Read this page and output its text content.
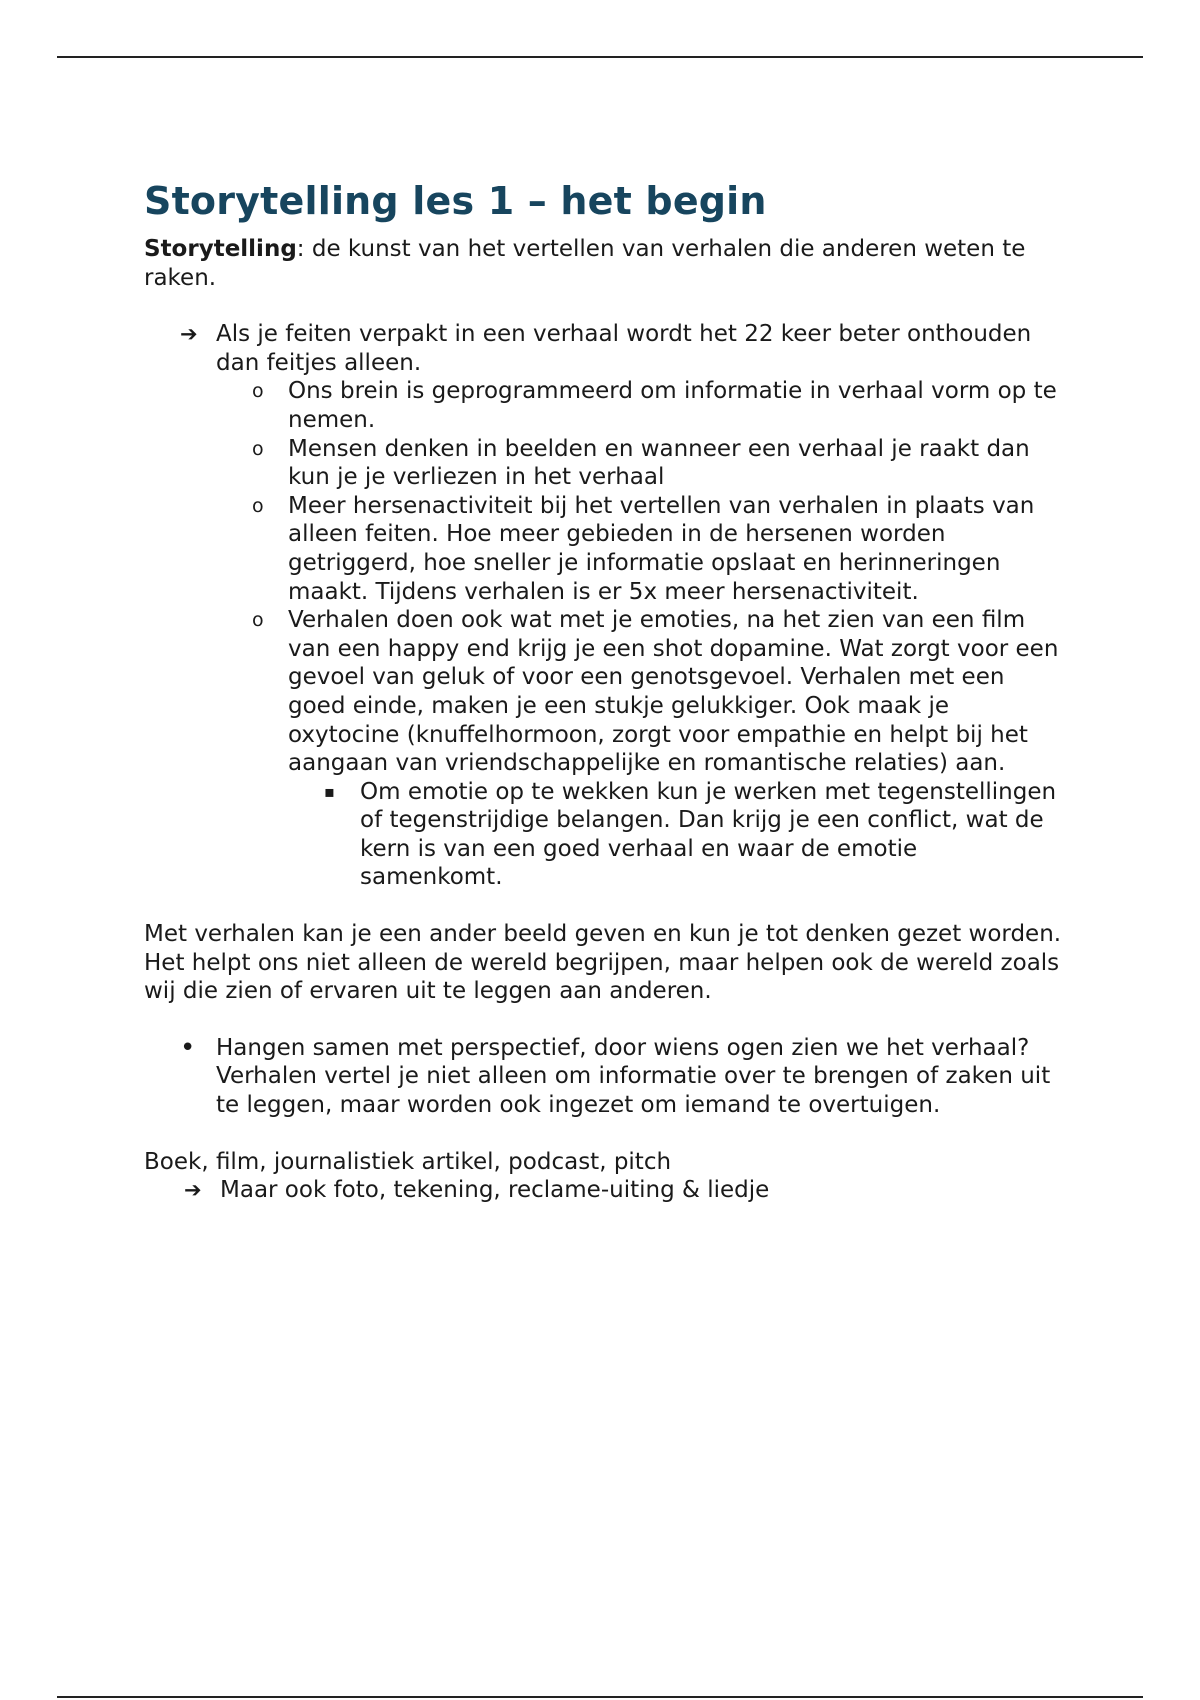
Storytelling les 1 – het begin

Storytelling: de kunst van het vertellen van verhalen die anderen weten te raken.

➔ Als je feiten verpakt in een verhaal wordt het 22 keer beter onthouden dan feitjes alleen.
o	Ons brein is geprogrammeerd om informatie in verhaal vorm op te nemen.
o	Mensen denken in beelden en wanneer een verhaal je raakt dan kun je je verliezen in het verhaal
o	Meer hersenactiviteit bij het vertellen van verhalen in plaats van alleen feiten. Hoe meer gebieden in de hersenen worden getriggerd, hoe sneller je informatie opslaat en herinneringen maakt. Tijdens verhalen is er 5x meer hersenactiviteit.
o	Verhalen doen ook wat met je emoties, na het zien van een film van een happy end krijg je een shot dopamine. Wat zorgt voor een gevoel van geluk of voor een genotsgevoel. Verhalen met een goed einde, maken je een stukje gelukkiger. Ook maak je oxytocine (knuffelhormoon, zorgt voor empathie en helpt bij het aangaan van vriendschappelijke en romantische relaties) aan.
▪	Om emotie op te wekken kun je werken met tegenstellingen of tegenstrijdige belangen. Dan krijg je een conflict, wat de kern is van een goed verhaal en waar de emotie samenkomt.

Met verhalen kan je een ander beeld geven en kun je tot denken gezet worden. Het helpt ons niet alleen de wereld begrijpen, maar helpen ook de wereld zoals wij die zien of ervaren uit te leggen aan anderen.

• Hangen samen met perspectief, door wiens ogen zien we het verhaal? Verhalen vertel je niet alleen om informatie over te brengen of zaken uit te leggen, maar worden ook ingezet om iemand te overtuigen.

Boek, film, journalistiek artikel, podcast, pitch

➔ Maar ook foto, tekening, reclame-uiting & liedje
